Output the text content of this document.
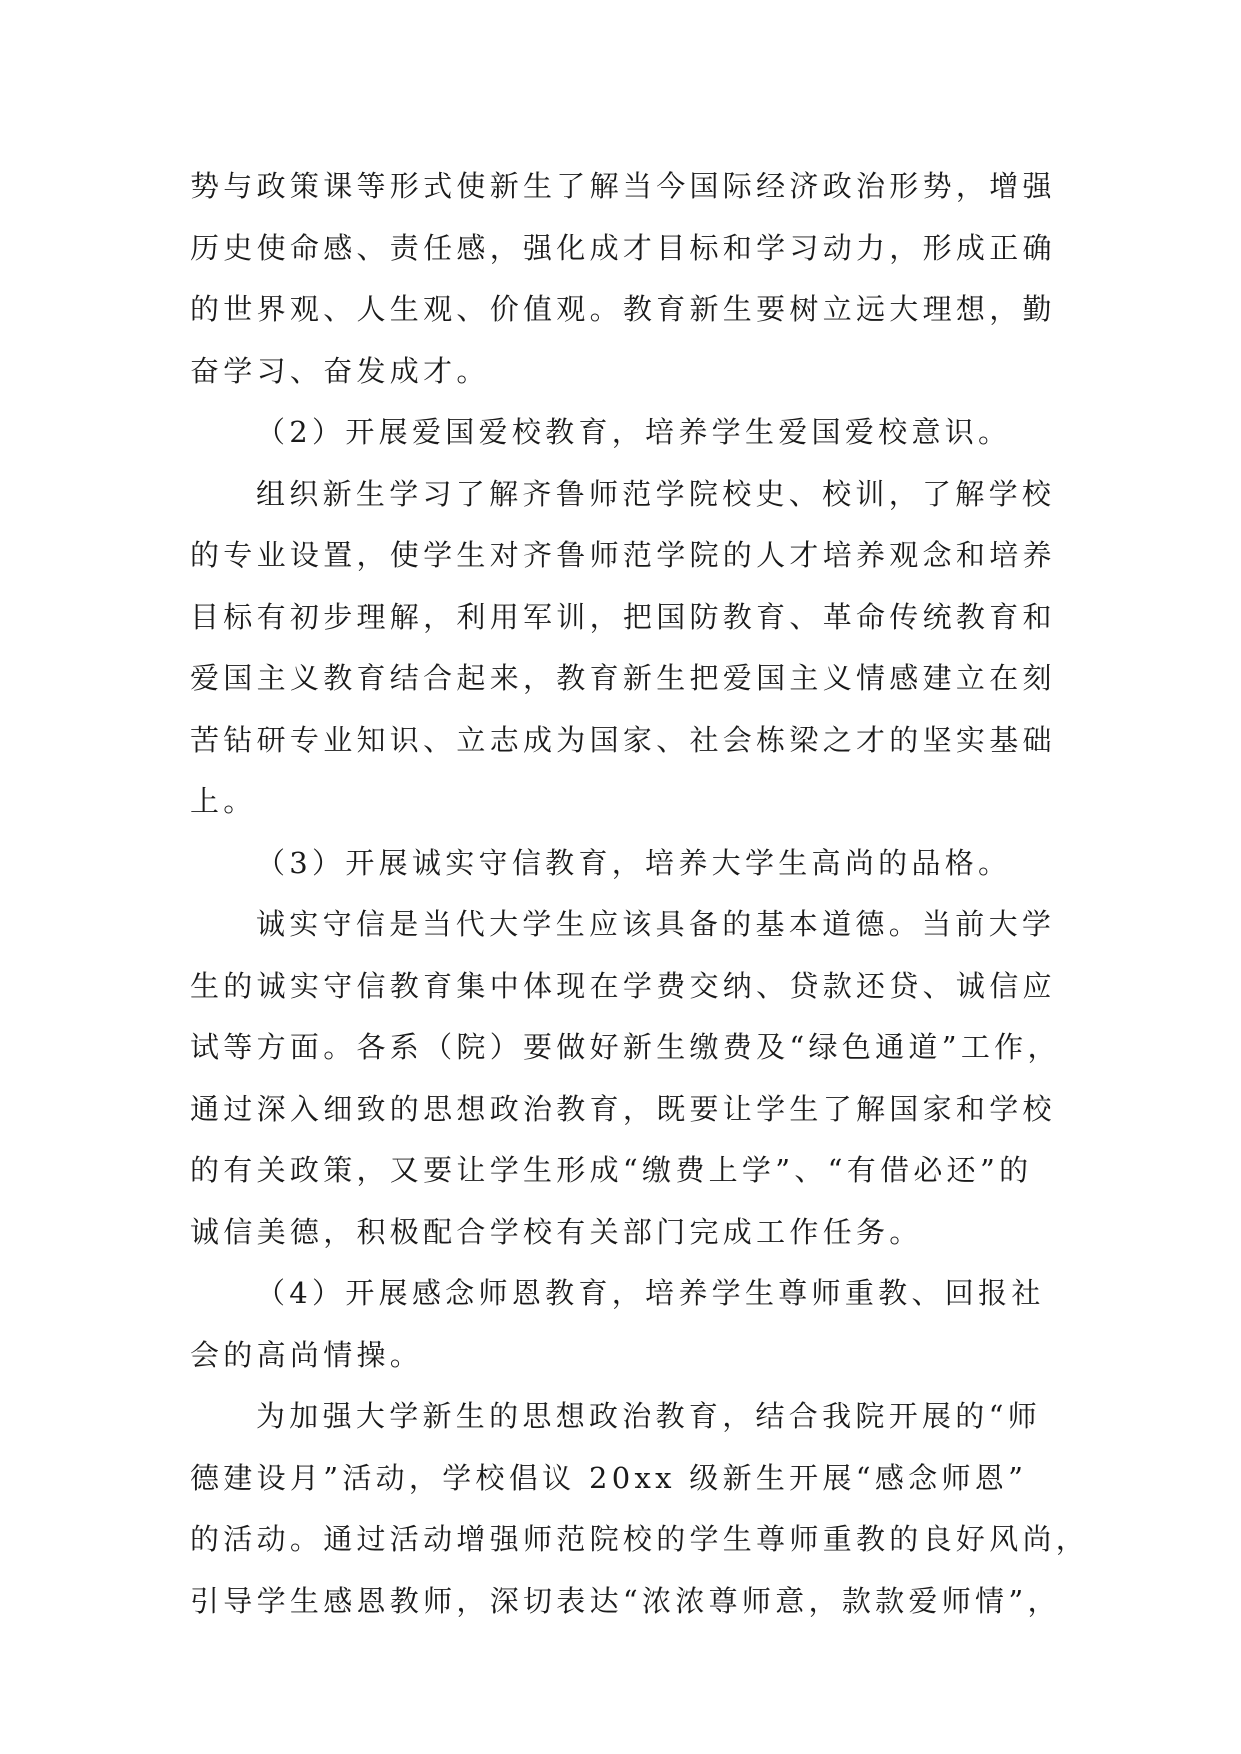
势与政策课等形式使新生了解当今国际经济政治形势，增强
历史使命感、责任感，强化成才目标和学习动力，形成正确
的世界观、人生观、价值观。教育新生要树立远大理想，勤
奋学习、奋发成才。
（2）开展爱国爱校教育，培养学生爱国爱校意识。
组织新生学习了解齐鲁师范学院校史、校训，了解学校
的专业设置，使学生对齐鲁师范学院的人才培养观念和培养
目标有初步理解，利用军训，把国防教育、革命传统教育和
爱国主义教育结合起来，教育新生把爱国主义情感建立在刻
苦钻研专业知识、立志成为国家、社会栋梁之才的坚实基础
上。
（3）开展诚实守信教育，培养大学生高尚的品格。
诚实守信是当代大学生应该具备的基本道德。当前大学
生的诚实守信教育集中体现在学费交纳、贷款还贷、诚信应
试等方面。各系（院）要做好新生缴费及“绿色通道”工作，
通过深入细致的思想政治教育，既要让学生了解国家和学校
的有关政策，又要让学生形成“缴费上学”、“有借必还”的
诚信美德，积极配合学校有关部门完成工作任务。
（4）开展感念师恩教育，培养学生尊师重教、回报社
会的高尚情操。
为加强大学新生的思想政治教育，结合我院开展的“师
德建设月”活动，学校倡议 20xx 级新生开展“感念师恩”
的活动。通过活动增强师范院校的学生尊师重教的良好风尚，
引导学生感恩教师，深切表达“浓浓尊师意，款款爱师情”，
